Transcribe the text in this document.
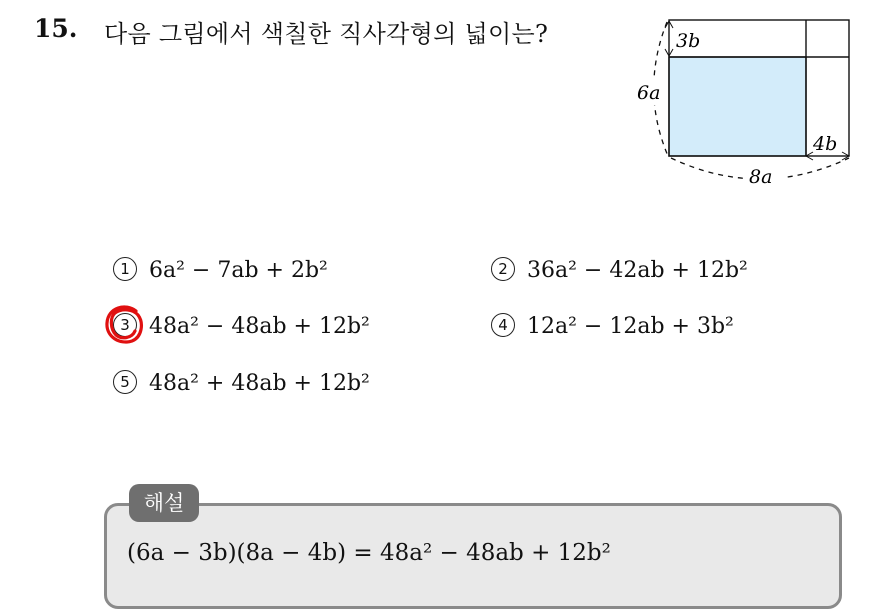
15. 다음 그림에서 색칠한 직사각형의 넓이는?	3b
6a
4b
8a
1 6a² − 7ab + 2b²	2 36a² − 42ab + 12b²
3 48a² − 48ab + 12b²	4 12a² − 12ab + 3b²
5 48a² + 48ab + 12b²
해설
(6a − 3b)(8a − 4b) = 48a² − 48ab + 12b²
